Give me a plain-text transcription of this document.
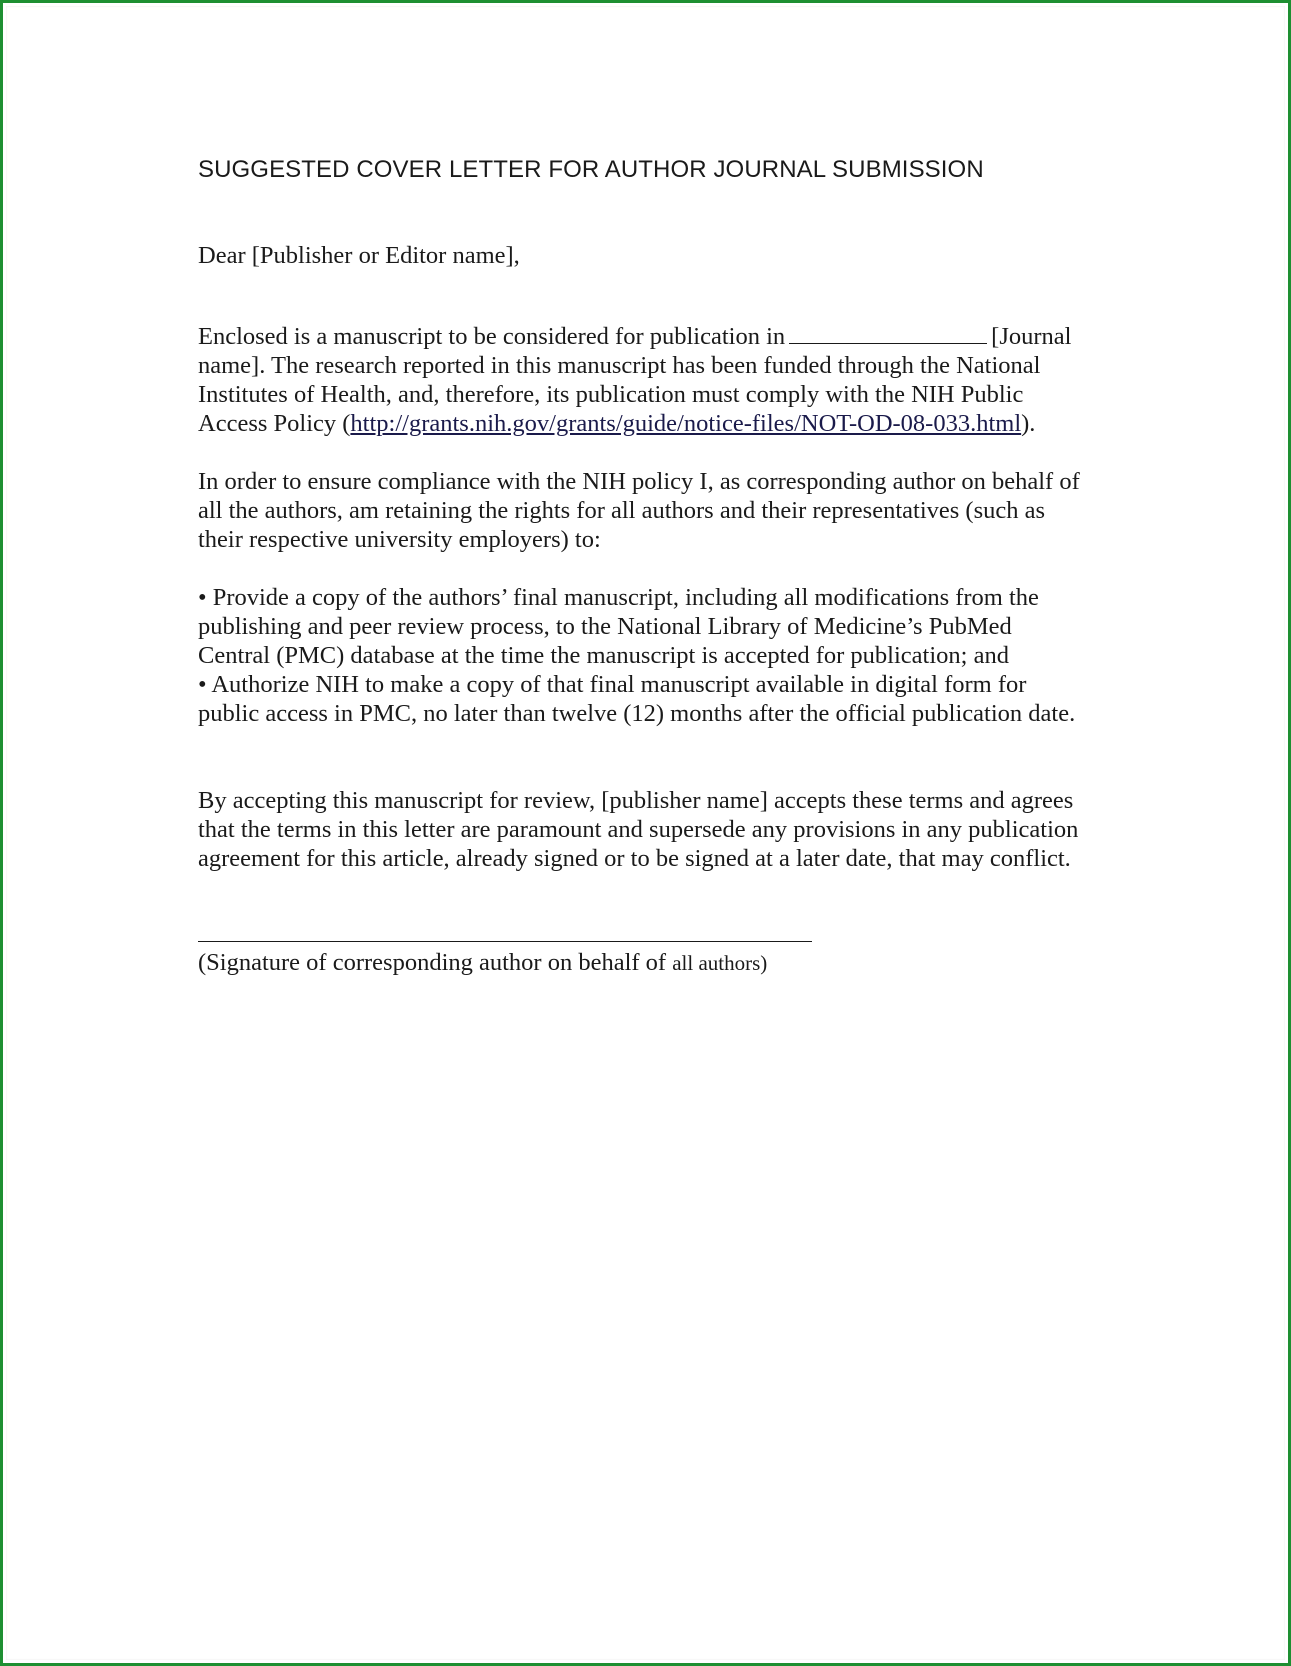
SUGGESTED COVER LETTER FOR AUTHOR JOURNAL SUBMISSION

Dear [Publisher or Editor name],

Enclosed is a manuscript to be considered for publication in	[Journal
name]. The research reported in this manuscript has been funded through the National
Institutes of Health, and, therefore, its publication must comply with the NIH Public
Access Policy (http://grants.nih.gov/grants/guide/notice-files/NOT-OD-08-033.html).
In order to ensure compliance with the NIH policy I, as corresponding author on behalf of
all the authors, am retaining the rights for all authors and their representatives (such as
their respective university employers) to:
• Provide a copy of the authors’ final manuscript, including all modifications from the
publishing and peer review process, to the National Library of Medicine’s PubMed
Central (PMC) database at the time the manuscript is accepted for publication; and
• Authorize NIH to make a copy of that final manuscript available in digital form for
public access in PMC, no later than twelve (12) months after the official publication date.
By accepting this manuscript for review, [publisher name] accepts these terms and agrees
that the terms in this letter are paramount and supersede any provisions in any publication
agreement for this article, already signed or to be signed at a later date, that may conflict.
(Signature of corresponding author on behalf of all authors)
